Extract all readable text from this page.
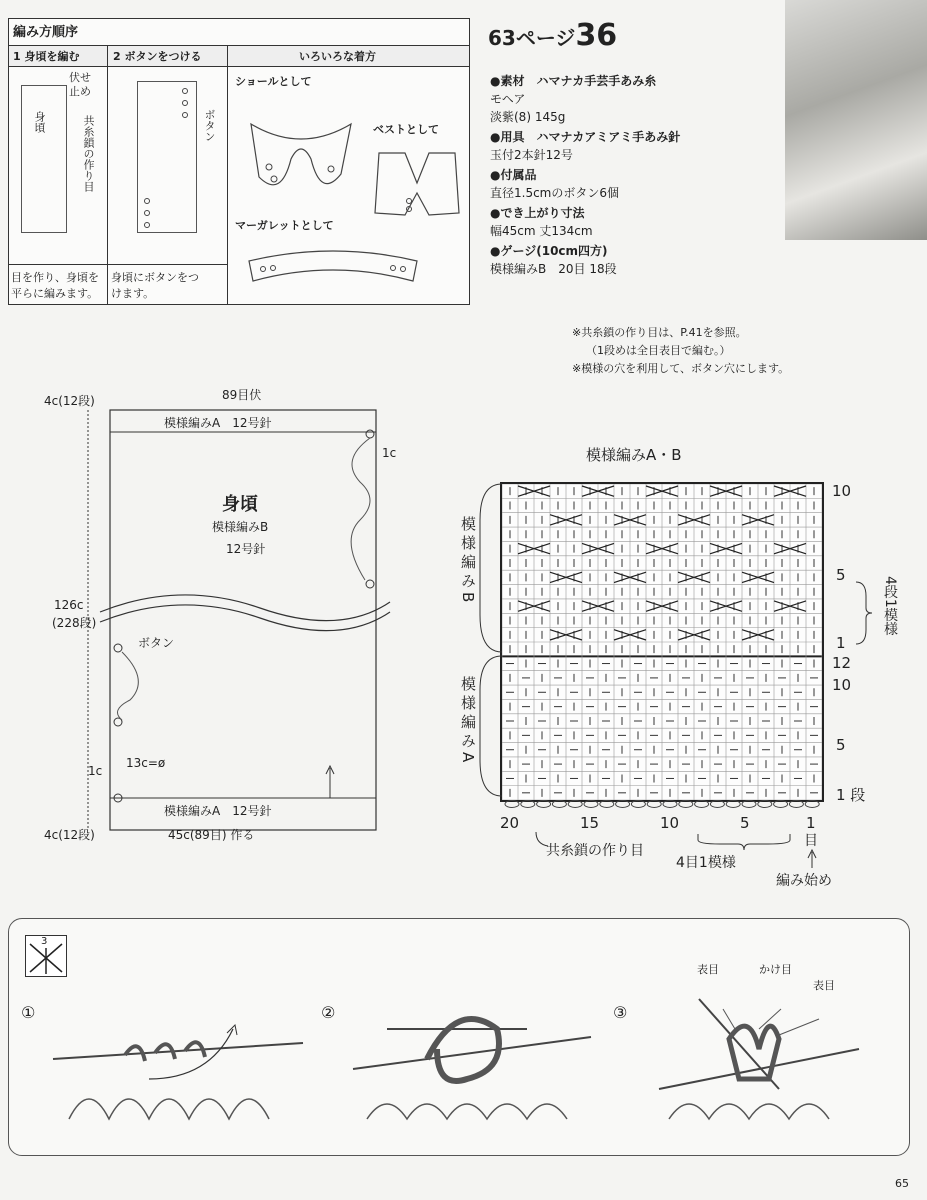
編み方順序
1 身頃を編む	2 ボタンをつける	いろいろな着方
身頃
伏せ止め
共糸鎖の作り目
目を作り、身頃を
平らに編みます。
ボタン
身頃にボタンをつ
けます。
ショールとして
ベストとして
マーガレットとして
63ページ36
●素材　ハマナカ手芸手あみ糸
モヘア
淡紫(8) 145g
●用具　ハマナカアミアミ手あみ針
玉付2本針12号
●付属品
直径1.5cmのボタン6個
●でき上がり寸法
幅45cm 丈134cm
●ゲージ(10cm四方)
模様編みB　20目 18段
※共糸鎖の作り目は、P.41を参照。
（1段めは全目表目で編む。）
※模様の穴を利用して、ボタン穴にします。
89目伏
4c(12段)
模様編みA　12号針
1c
身頃
模様編みB
12号針
126c
(228段)
ボタン
1c
13c=ø
模様編みA　12号針
4c(12段)	45c(89目) 作る
模様編みA・B
模様編みB
模様編みA
10
5
1
4段1模様
12
10
5
1 段
20	15	10	5	1
目
共糸鎖の作り目
4目1模様
編み始め
3
①	②	③
表目	かけ目
表目
65
